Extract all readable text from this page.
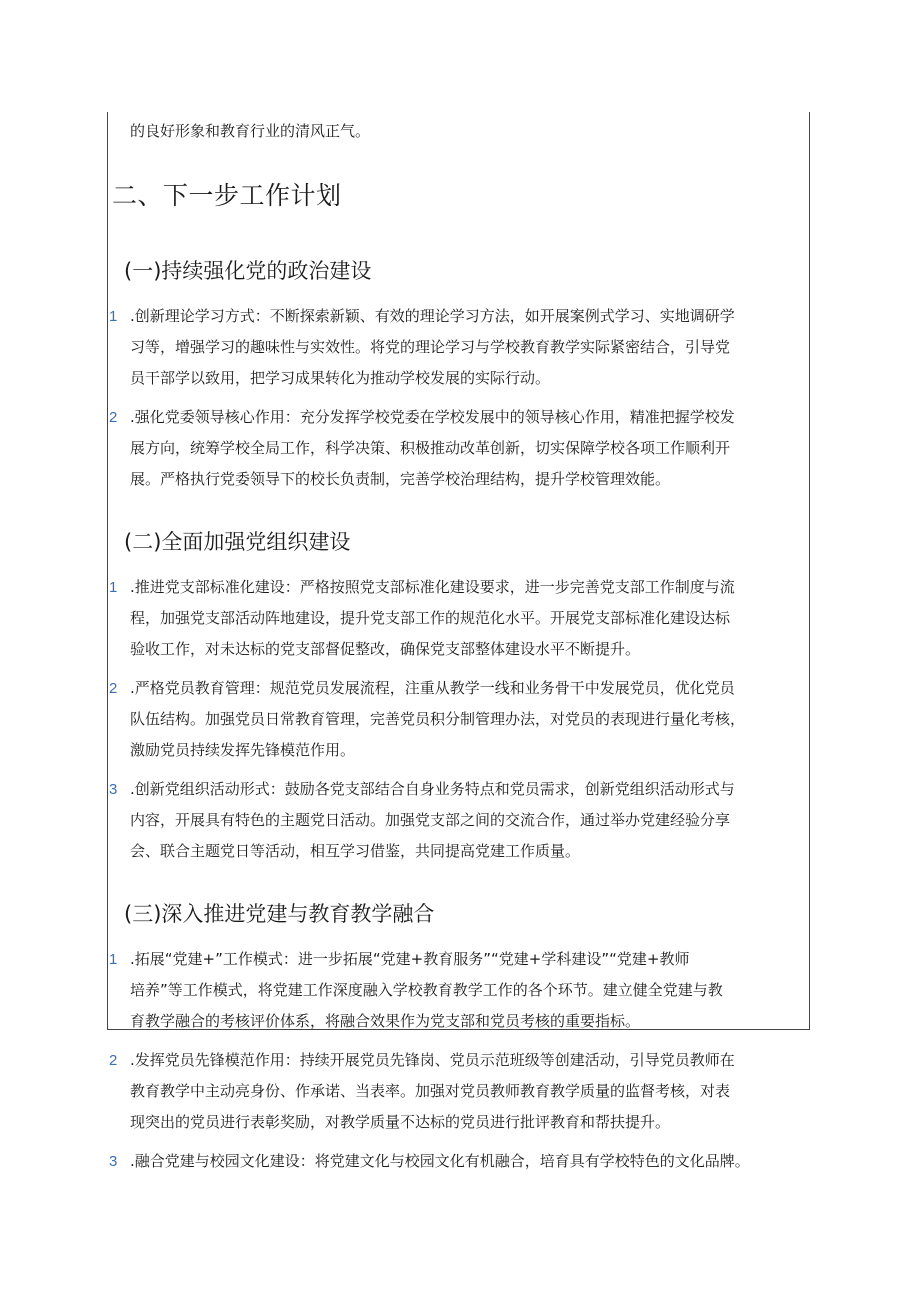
的良好形象和教育行业的清风正气。

二、下一步工作计划
(一)持续强化党的政治建设
1 .创新理论学习方式：不断探索新颖、有效的理论学习方法，如开展案例式学习、实地调研学
习等，增强学习的趣味性与实效性。将党的理论学习与学校教育教学实际紧密结合，引导党
员干部学以致用，把学习成果转化为推动学校发展的实际行动。
2 .强化党委领导核心作用：充分发挥学校党委在学校发展中的领导核心作用，精准把握学校发
展方向，统筹学校全局工作，科学决策、积极推动改革创新，切实保障学校各项工作顺利开
展。严格执行党委领导下的校长负责制，完善学校治理结构，提升学校管理效能。
(二)全面加强党组织建设
1 .推进党支部标准化建设：严格按照党支部标准化建设要求，进一步完善党支部工作制度与流
程，加强党支部活动阵地建设，提升党支部工作的规范化水平。开展党支部标准化建设达标
验收工作，对未达标的党支部督促整改，确保党支部整体建设水平不断提升。
2 .严格党员教育管理：规范党员发展流程，注重从教学一线和业务骨干中发展党员，优化党员
队伍结构。加强党员日常教育管理，完善党员积分制管理办法，对党员的表现进行量化考核，
激励党员持续发挥先锋模范作用。
3 .创新党组织活动形式：鼓励各党支部结合自身业务特点和党员需求，创新党组织活动形式与
内容，开展具有特色的主题党日活动。加强党支部之间的交流合作，通过举办党建经验分享
会、联合主题党日等活动，相互学习借鉴，共同提高党建工作质量。
(三)深入推进党建与教育教学融合
1 .拓展“党建+”工作模式：进一步拓展“党建+教育服务”“党建+学科建设”“党建+教师
培养”等工作模式，将党建工作深度融入学校教育教学工作的各个环节。建立健全党建与教
育教学融合的考核评价体系，将融合效果作为党支部和党员考核的重要指标。
2 .发挥党员先锋模范作用：持续开展党员先锋岗、党员示范班级等创建活动，引导党员教师在
教育教学中主动亮身份、作承诺、当表率。加强对党员教师教育教学质量的监督考核，对表
现突出的党员进行表彰奖励，对教学质量不达标的党员进行批评教育和帮扶提升。
3 .融合党建与校园文化建设：将党建文化与校园文化有机融合，培育具有学校特色的文化品牌。
